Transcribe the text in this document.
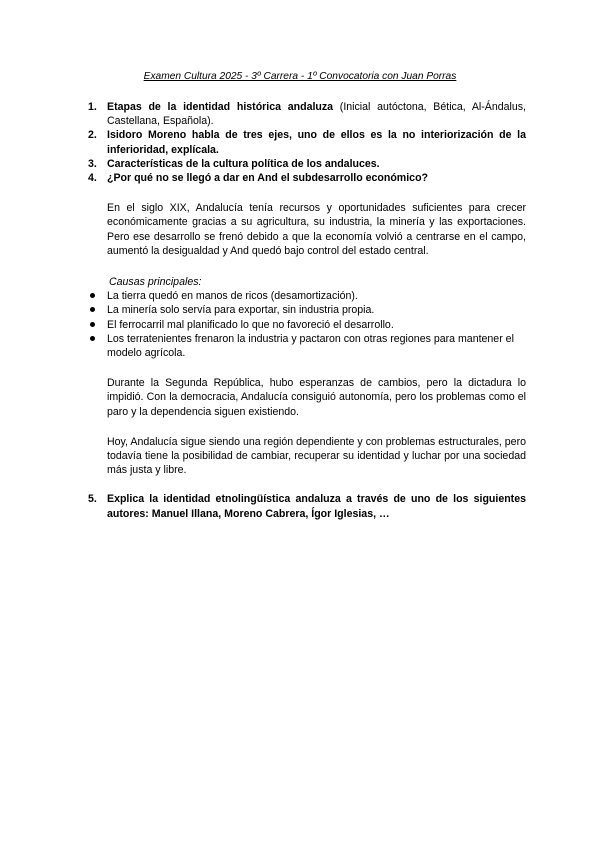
Examen Cultura 2025 - 3º Carrera - 1º Convocatoria con Juan Porras
1. Etapas de la identidad histórica andaluza (Inicial autóctona, Bética, Al-Ándalus, Castellana, Española).
2. Isidoro Moreno habla de tres ejes, uno de ellos es la no interiorización de la inferioridad, explícala.
3. Características de la cultura política de los andaluces.
4. ¿Por qué no se llegó a dar en And el subdesarrollo económico?
En el siglo XIX, Andalucía tenía recursos y oportunidades suficientes para crecer económicamente gracias a su agricultura, su industria, la minería y las exportaciones. Pero ese desarrollo se frenó debido a que la economía volvió a centrarse en el campo, aumentó la desigualdad y And quedó bajo control del estado central.
Causas principales:
La tierra quedó en manos de ricos (desamortización).
La minería solo servía para exportar, sin industria propia.
El ferrocarril mal planificado lo que no favoreció el desarrollo.
Los terratenientes frenaron la industria y pactaron con otras regiones para mantener el modelo agrícola.
Durante la Segunda República, hubo esperanzas de cambios, pero la dictadura lo impidió. Con la democracia, Andalucía consiguió autonomía, pero los problemas como el paro y la dependencia siguen existiendo.
Hoy, Andalucía sigue siendo una región dependiente y con problemas estructurales, pero todavía tiene la posibilidad de cambiar, recuperar su identidad y luchar por una sociedad más justa y libre.
5. Explica la identidad etnolingüística andaluza a través de uno de los siguientes autores: Manuel Illana, Moreno Cabrera, Ígor Iglesias, …
